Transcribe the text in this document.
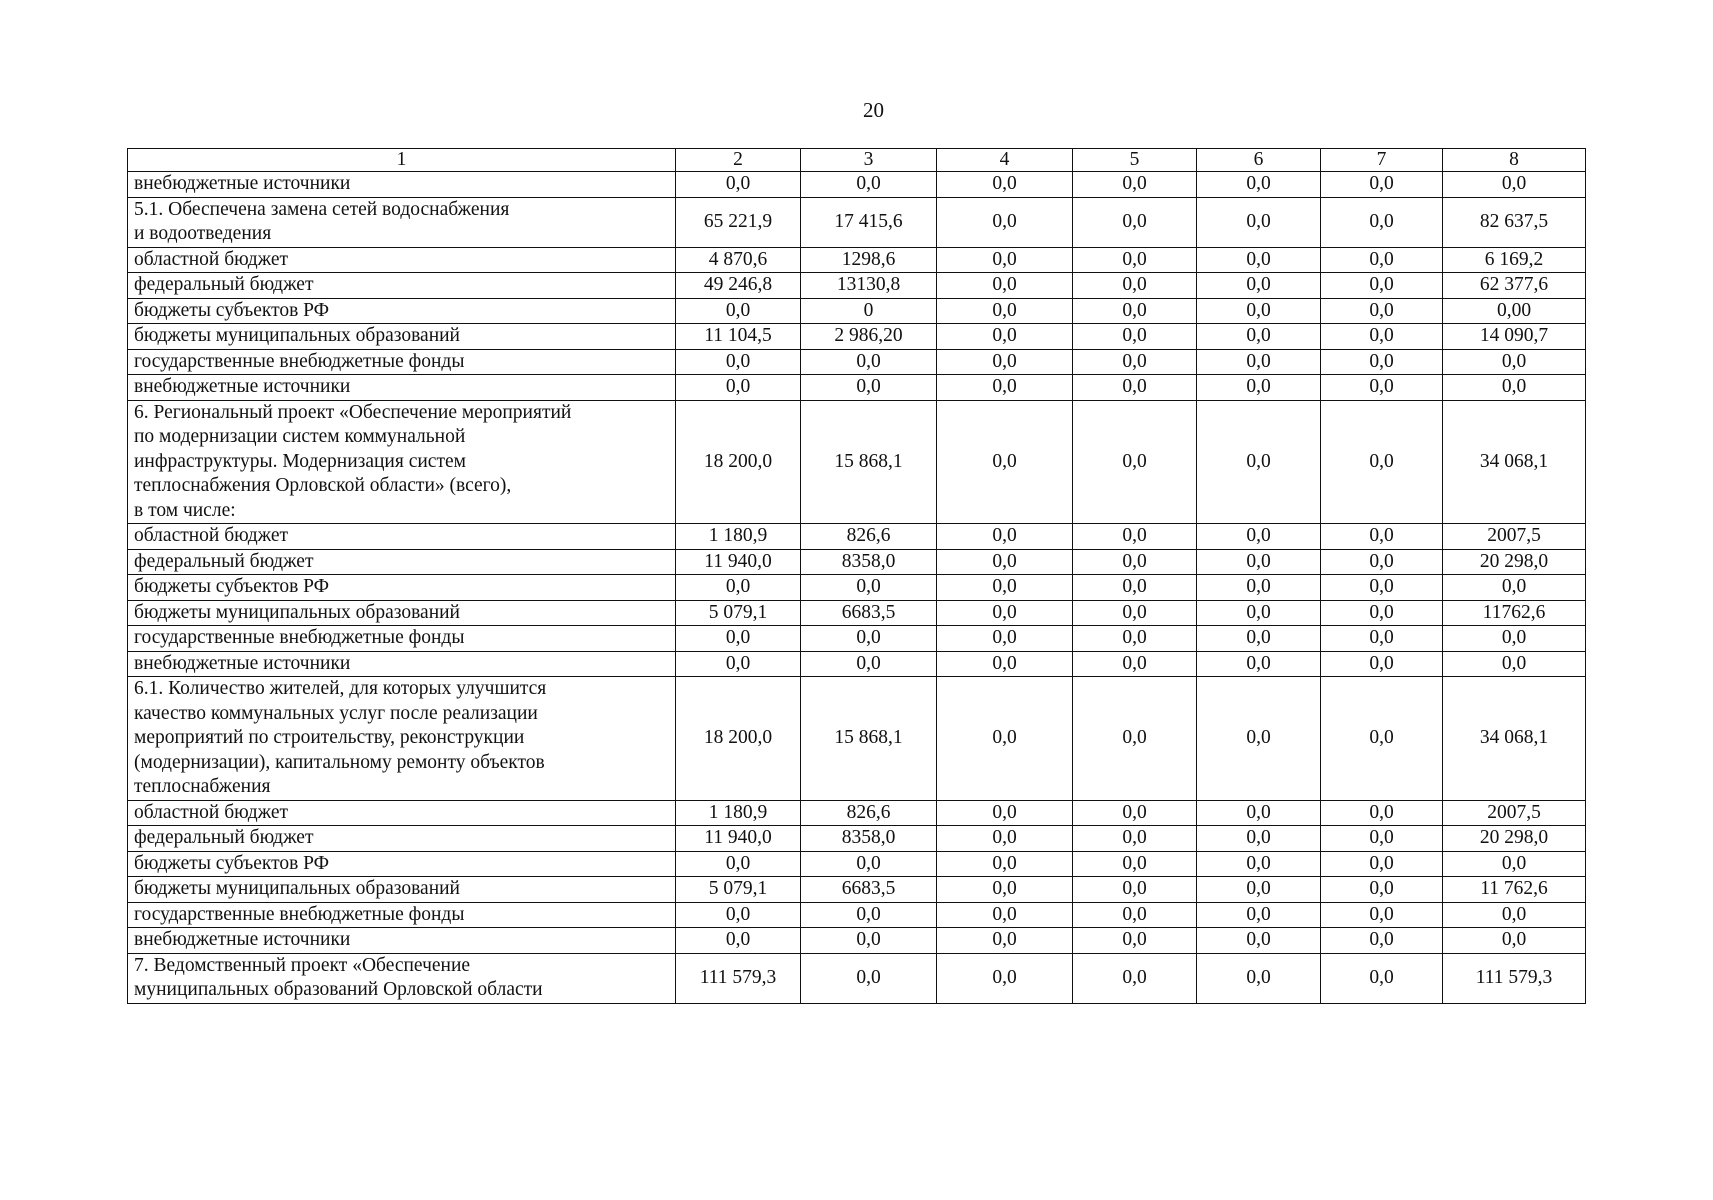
20
1	2	3	4	5	6	7	8
внебюджетные источники	0,0	0,0	0,0	0,0	0,0	0,0	0,0
5.1. Обеспечена замена сетей водоснабжения
и водоотведения	65 221,9	17 415,6	0,0	0,0	0,0	0,0	82 637,5
областной бюджет	4 870,6	1298,6	0,0	0,0	0,0	0,0	6 169,2
федеральный бюджет	49 246,8	13130,8	0,0	0,0	0,0	0,0	62 377,6
бюджеты субъектов РФ	0,0	0	0,0	0,0	0,0	0,0	0,00
бюджеты муниципальных образований	11 104,5	2 986,20	0,0	0,0	0,0	0,0	14 090,7
государственные внебюджетные фонды	0,0	0,0	0,0	0,0	0,0	0,0	0,0
внебюджетные источники	0,0	0,0	0,0	0,0	0,0	0,0	0,0
6. Региональный проект «Обеспечение мероприятий
по модернизации систем коммунальной
инфраструктуры. Модернизация систем
теплоснабжения Орловской области» (всего),
в том числе:	18 200,0	15 868,1	0,0	0,0	0,0	0,0	34 068,1
областной бюджет	1 180,9	826,6	0,0	0,0	0,0	0,0	2007,5
федеральный бюджет	11 940,0	8358,0	0,0	0,0	0,0	0,0	20 298,0
бюджеты субъектов РФ	0,0	0,0	0,0	0,0	0,0	0,0	0,0
бюджеты муниципальных образований	5 079,1	6683,5	0,0	0,0	0,0	0,0	11762,6
государственные внебюджетные фонды	0,0	0,0	0,0	0,0	0,0	0,0	0,0
внебюджетные источники	0,0	0,0	0,0	0,0	0,0	0,0	0,0
6.1. Количество жителей, для которых улучшится
качество коммунальных услуг после реализации
мероприятий по строительству, реконструкции
(модернизации), капитальному ремонту объектов
теплоснабжения	18 200,0	15 868,1	0,0	0,0	0,0	0,0	34 068,1
областной бюджет	1 180,9	826,6	0,0	0,0	0,0	0,0	2007,5
федеральный бюджет	11 940,0	8358,0	0,0	0,0	0,0	0,0	20 298,0
бюджеты субъектов РФ	0,0	0,0	0,0	0,0	0,0	0,0	0,0
бюджеты муниципальных образований	5 079,1	6683,5	0,0	0,0	0,0	0,0	11 762,6
государственные внебюджетные фонды	0,0	0,0	0,0	0,0	0,0	0,0	0,0
внебюджетные источники	0,0	0,0	0,0	0,0	0,0	0,0	0,0
7. Ведомственный проект «Обеспечение
муниципальных образований Орловской области	111 579,3	0,0	0,0	0,0	0,0	0,0	111 579,3
